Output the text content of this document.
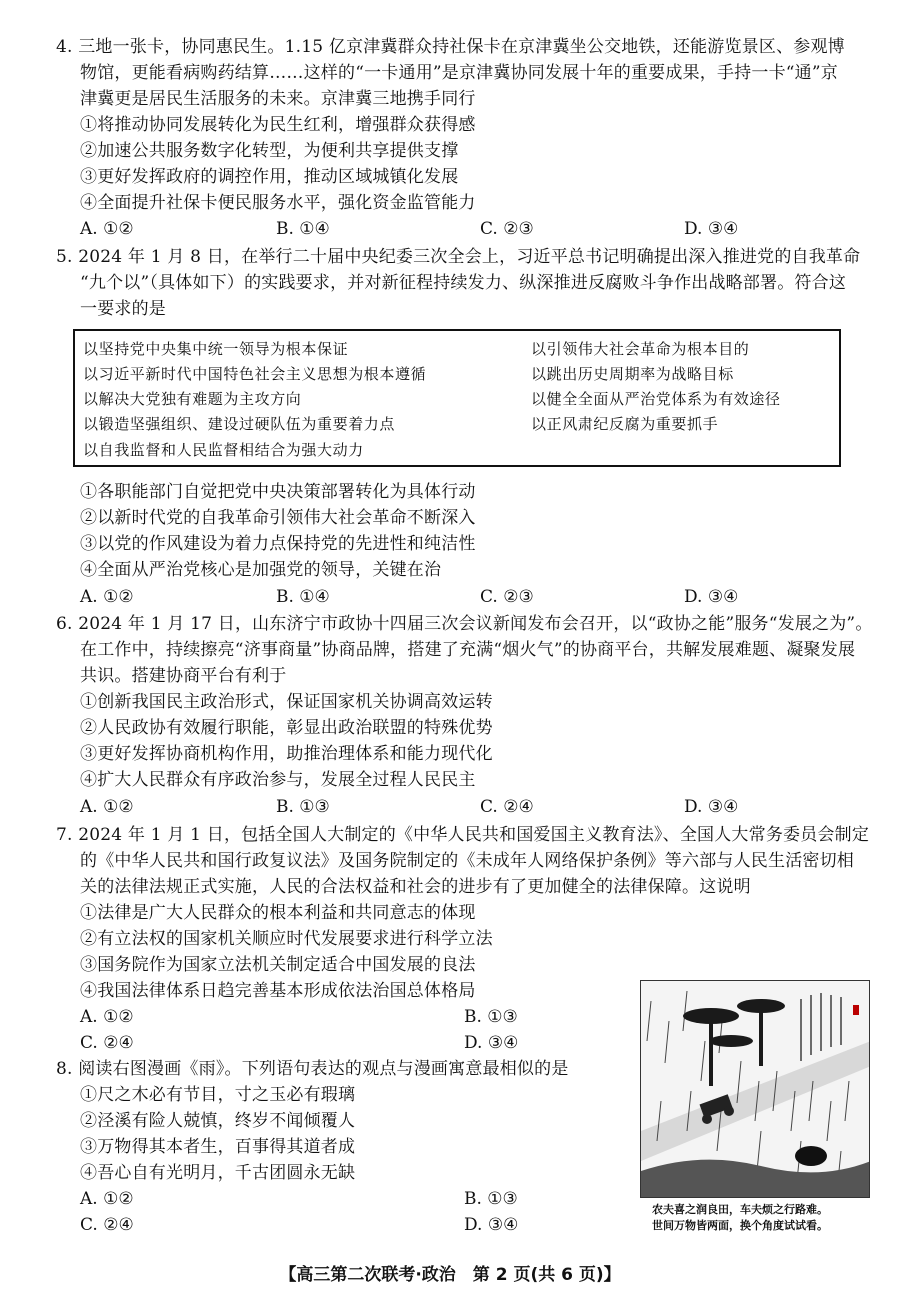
4. 三地一张卡，协同惠民生。1.15 亿京津冀群众持社保卡在京津冀坐公交地铁，还能游览景区、参观博
物馆，更能看病购药结算……这样的“一卡通用”是京津冀协同发展十年的重要成果，手持一卡“通”京
津冀更是居民生活服务的未来。京津冀三地携手同行
①将推动协同发展转化为民生红利，增强群众获得感
②加速公共服务数字化转型，为便利共享提供支撑
③更好发挥政府的调控作用，推动区域城镇化发展
④全面提升社保卡便民服务水平，强化资金监管能力
A. ①②	B. ①④	C. ②③	D. ③④
5. 2024 年 1 月 8 日，在举行二十届中央纪委三次全会上，习近平总书记明确提出深入推进党的自我革命
“九个以”（具体如下）的实践要求，并对新征程持续发力、纵深推进反腐败斗争作出战略部署。符合这
一要求的是
以坚持党中央集中统一领导为根本保证
以习近平新时代中国特色社会主义思想为根本遵循
以解决大党独有难题为主攻方向
以锻造坚强组织、建设过硬队伍为重要着力点
以自我监督和人民监督相结合为强大动力
以引领伟大社会革命为根本目的
以跳出历史周期率为战略目标
以健全全面从严治党体系为有效途径
以正风肃纪反腐为重要抓手
①各职能部门自觉把党中央决策部署转化为具体行动
②以新时代党的自我革命引领伟大社会革命不断深入
③以党的作风建设为着力点保持党的先进性和纯洁性
④全面从严治党核心是加强党的领导，关键在治
A. ①②	B. ①④	C. ②③	D. ③④
6. 2024 年 1 月 17 日，山东济宁市政协十四届三次会议新闻发布会召开，以“政协之能”服务“发展之为”。
在工作中，持续擦亮“济事商量”协商品牌，搭建了充满“烟火气”的协商平台，共解发展难题、凝聚发展
共识。搭建协商平台有利于
①创新我国民主政治形式，保证国家机关协调高效运转
②人民政协有效履行职能，彰显出政治联盟的特殊优势
③更好发挥协商机构作用，助推治理体系和能力现代化
④扩大人民群众有序政治参与，发展全过程人民民主
A. ①②	B. ①③	C. ②④	D. ③④
7. 2024 年 1 月 1 日，包括全国人大制定的《中华人民共和国爱国主义教育法》、全国人大常务委员会制定
的《中华人民共和国行政复议法》及国务院制定的《未成年人网络保护条例》等六部与人民生活密切相
关的法律法规正式实施，人民的合法权益和社会的进步有了更加健全的法律保障。这说明
①法律是广大人民群众的根本利益和共同意志的体现
②有立法权的国家机关顺应时代发展要求进行科学立法
③国务院作为国家立法机关制定适合中国发展的良法
④我国法律体系日趋完善基本形成依法治国总体格局
A. ①②	B. ①③
C. ②④	D. ③④
8. 阅读右图漫画《雨》。下列语句表达的观点与漫画寓意最相似的是
①尺之木必有节目，寸之玉必有瑕璃
②泾溪有险人兢慎，终岁不闻倾覆人
③万物得其本者生，百事得其道者成
④吾心自有光明月，千古团圆永无缺
A. ①②	B. ①③
C. ②④	D. ③④
农夫喜之润良田，车夫烦之行路难。
世间万物皆两面，换个角度试试看。
【高三第二次联考·政治　第 2 页(共 6 页)】
